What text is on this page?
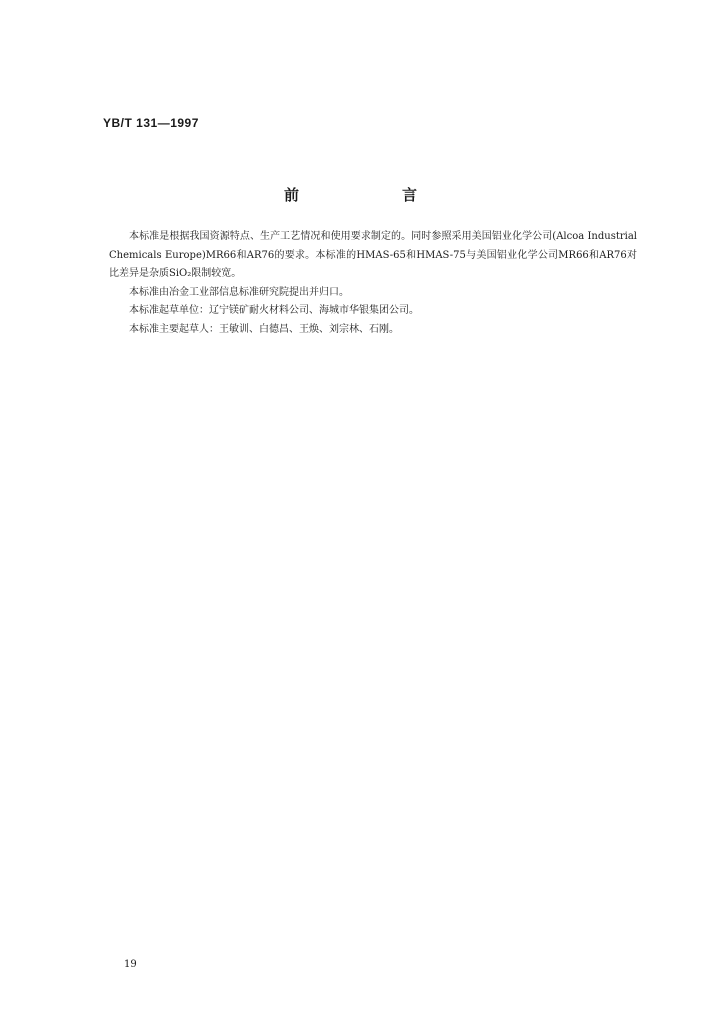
YB/T 131—1997
前　言

本标准是根据我国资源特点、生产工艺情况和使用要求制定的。同时参照采用美国铝业化学公司(Alcoa Industrial Chemicals Europe)MR66和AR76的要求。本标准的HMAS-65和HMAS-75与美国铝业化学公司MR66和AR76对比差异是杂质SiO₂限制较宽。

本标准由冶金工业部信息标准研究院提出并归口。

本标准起草单位：辽宁镁矿耐火材料公司、海城市华银集团公司。

本标准主要起草人：王敏训、白德昌、王焕、刘宗林、石刚。

19
